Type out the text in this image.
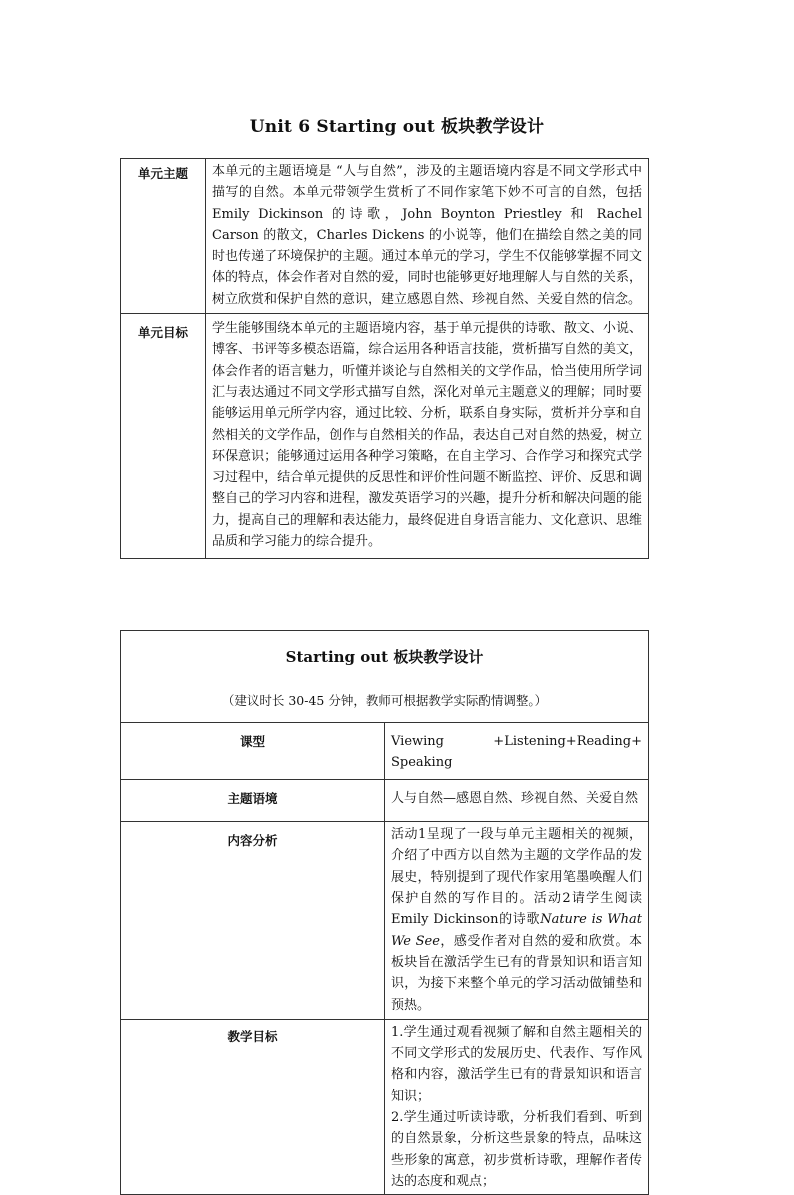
Unit 6 Starting out 板块教学设计
单元主题	本单元的主题语境是 “人与自然”，涉及的主题语境内容是不同文学形式中描写的自然。本单元带领学生赏析了不同作家笔下妙不可言的自然，包括 Emily Dickinson 的诗歌，John Boynton Priestley 和 Rachel Carson 的散文，Charles Dickens 的小说等，他们在描绘自然之美的同时也传递了环境保护的主题。通过本单元的学习，学生不仅能够掌握不同文体的特点，体会作者对自然的爱，同时也能够更好地理解人与自然的关系，树立欣赏和保护自然的意识，建立感恩自然、珍视自然、关爱自然的信念。
单元目标	学生能够围绕本单元的主题语境内容，基于单元提供的诗歌、散文、小说、博客、书评等多模态语篇，综合运用各种语言技能，赏析描写自然的美文，体会作者的语言魅力，听懂并谈论与自然相关的文学作品，恰当使用所学词汇与表达通过不同文学形式描写自然，深化对单元主题意义的理解；同时要能够运用单元所学内容，通过比较、分析，联系自身实际，赏析并分享和自然相关的文学作品，创作与自然相关的作品，表达自己对自然的热爱，树立环保意识；能够通过运用各种学习策略，在自主学习、合作学习和探究式学习过程中，结合单元提供的反思性和评价性问题不断监控、评价、反思和调整自己的学习内容和进程，激发英语学习的兴趣，提升分析和解决问题的能力，提高自己的理解和表达能力，最终促进自身语言能力、文化意识、思维品质和学习能力的综合提升。
Starting out 板块教学设计
（建议时长 30-45 分钟，教师可根据教学实际酌情调整。）	

课型	Viewing +Listening+Reading+ Speaking
主题语境	人与自然—感恩自然、珍视自然、关爱自然
内容分析	活动1呈现了一段与单元主题相关的视频，介绍了中西方以自然为主题的文学作品的发展史，特别提到了现代作家用笔墨唤醒人们保护自然的写作目的。活动2请学生阅读Emily Dickinson的诗歌Nature is What We See，感受作者对自然的爱和欣赏。本板块旨在激活学生已有的背景知识和语言知识，为接下来整个单元的学习活动做铺垫和预热。
教学目标	1.学生通过观看视频了解和自然主题相关的不同文学形式的发展历史、代表作、写作风格和内容，激活学生已有的背景知识和语言知识；
2.学生通过听读诗歌，分析我们看到、听到的自然景象，分析这些景象的特点，品味这些形象的寓意，初步赏析诗歌，理解作者传达的态度和观点；
